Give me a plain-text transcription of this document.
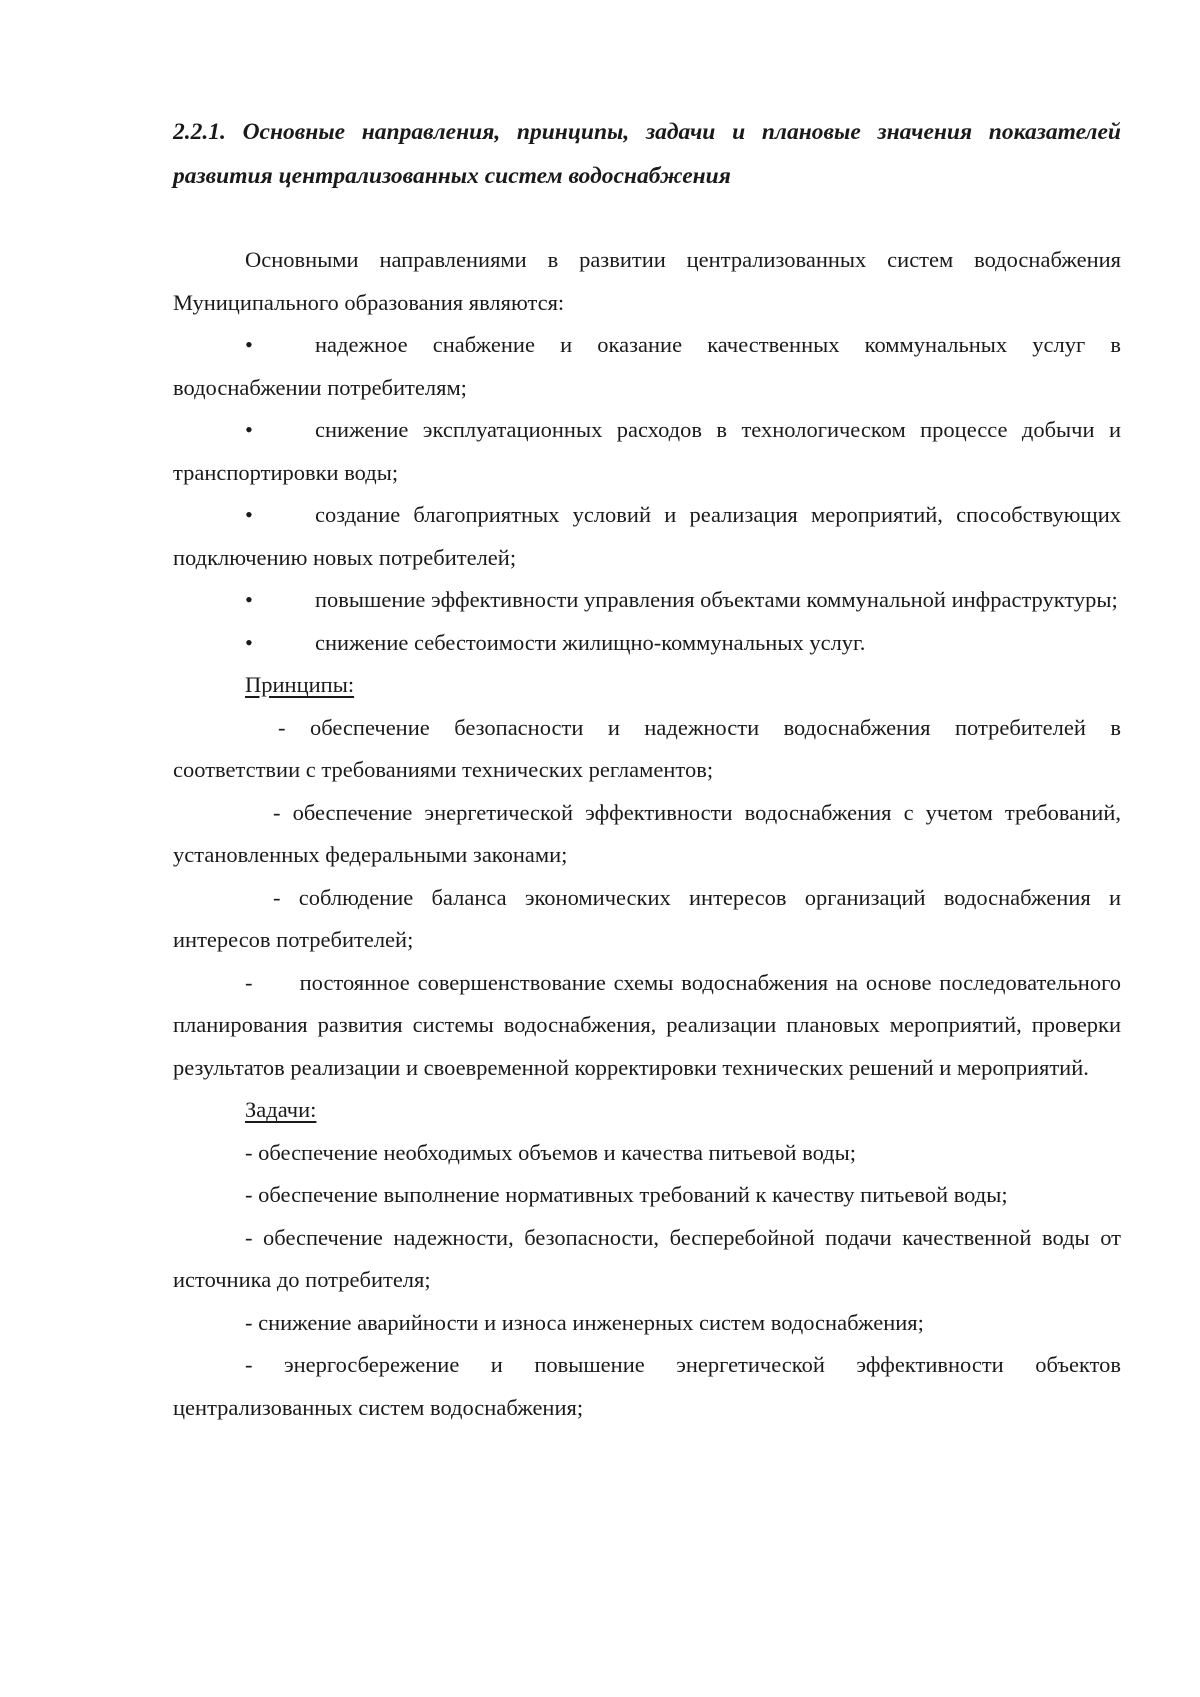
2.2.1. Основные направления, принципы, задачи и плановые значения показателей развития централизованных систем водоснабжения

Основными направлениями в развитии централизованных систем водоснабжения Муниципального образования являются:

•	надежное снабжение и оказание качественных коммунальных услуг в водоснабжении потребителям;

•	снижение эксплуатационных расходов в технологическом процессе добычи и транспортировки воды;

•	создание благоприятных условий и реализация мероприятий, способствующих подключению новых потребителей;

•	повышение эффективности управления объектами коммунальной инфраструктуры;

•	снижение себестоимости жилищно-коммунальных услуг.

Принципы:

- обеспечение безопасности и надежности водоснабжения потребителей в соответствии с требованиями технических регламентов;

- обеспечение энергетической эффективности водоснабжения с учетом требований, установленных федеральными законами;

- соблюдение баланса экономических интересов организаций водоснабжения и интересов потребителей;

-      постоянное совершенствование схемы водоснабжения на основе последовательного планирования развития системы водоснабжения, реализации плановых мероприятий, проверки результатов реализации и своевременной корректировки технических решений и мероприятий.

Задачи:

- обеспечение необходимых объемов и качества питьевой воды;

- обеспечение выполнение нормативных требований к качеству питьевой воды;

- обеспечение надежности, безопасности, бесперебойной подачи качественной воды от источника до потребителя;

- снижение аварийности и износа инженерных систем водоснабжения;

- энергосбережение и повышение энергетической эффективности объектов централизованных систем водоснабжения;
